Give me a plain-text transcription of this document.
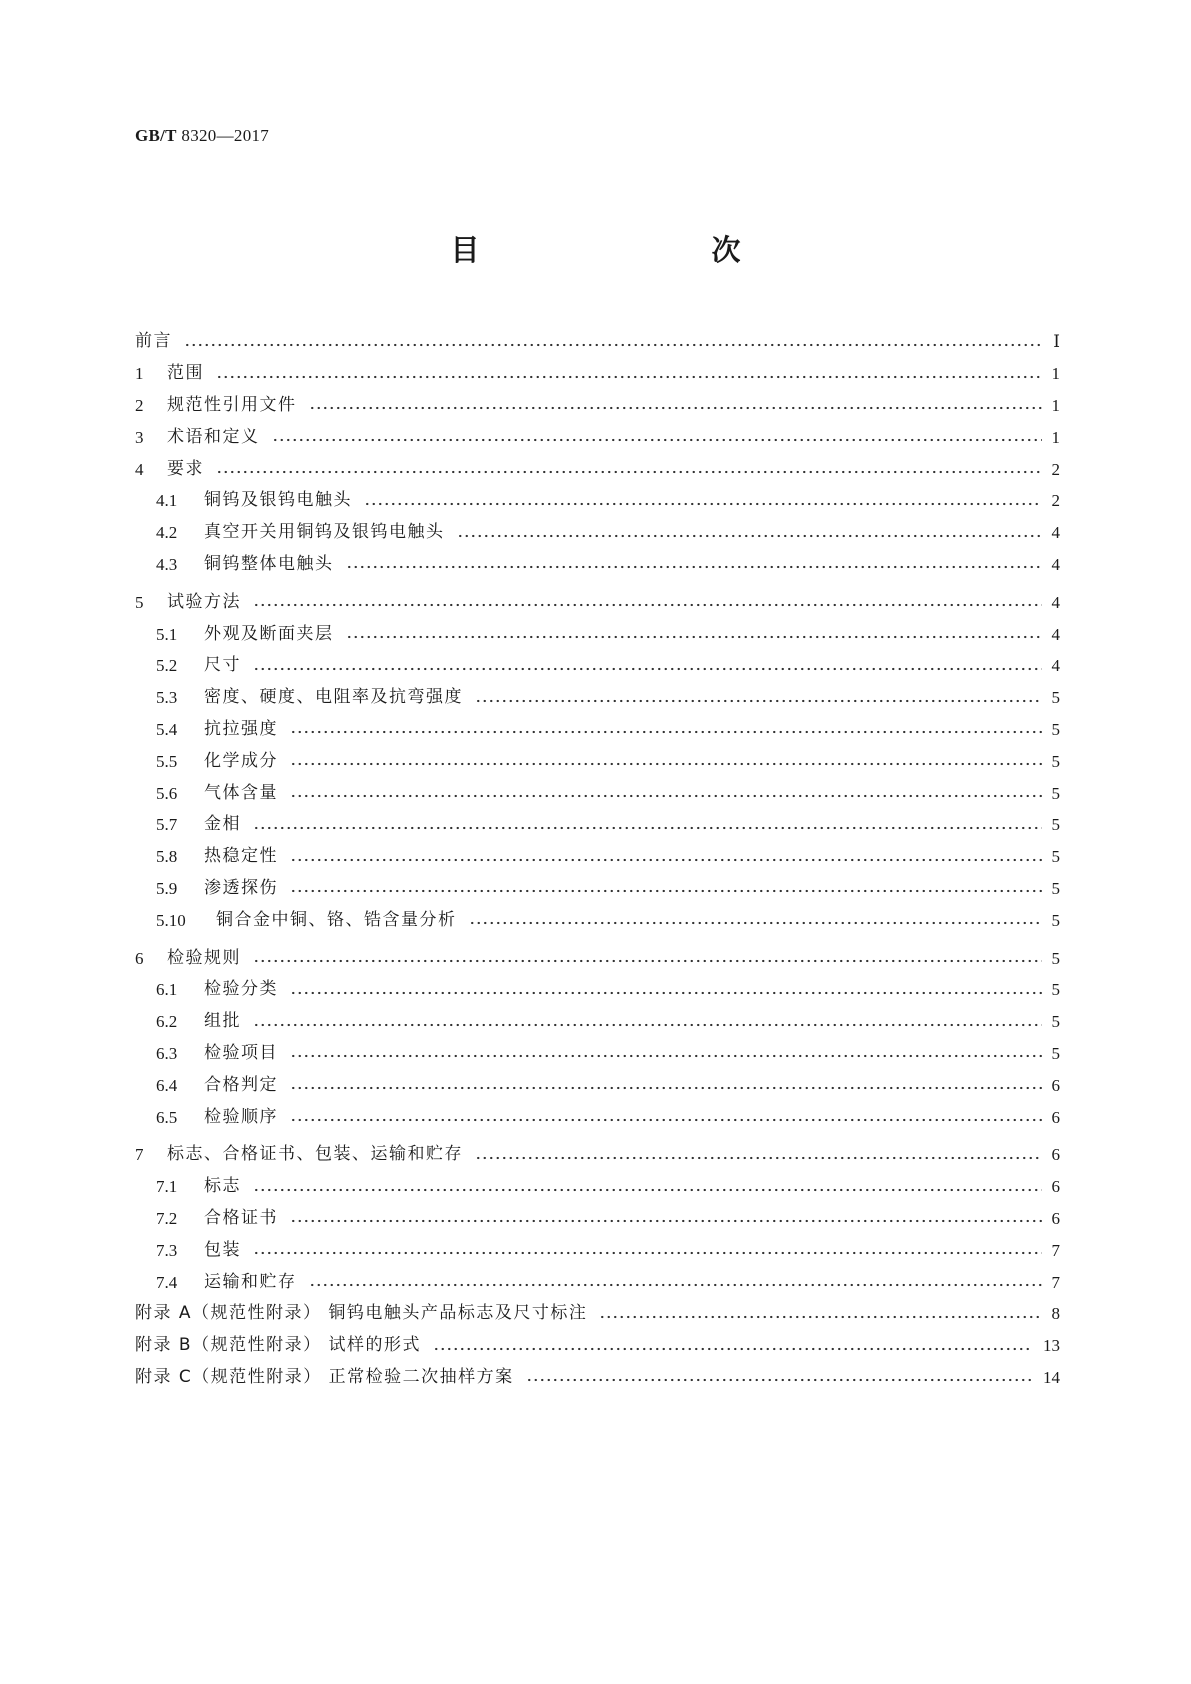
GB/T 8320—2017
目　　次
前言	Ⅰ
1	范围	1
2	规范性引用文件	1
3	术语和定义	1
4	要求	2
4.1	铜钨及银钨电触头	2
4.2	真空开关用铜钨及银钨电触头	4
4.3	铜钨整体电触头	4
5	试验方法	4
5.1	外观及断面夹层	4
5.2	尺寸	4
5.3	密度、硬度、电阻率及抗弯强度	5
5.4	抗拉强度	5
5.5	化学成分	5
5.6	气体含量	5
5.7	金相	5
5.8	热稳定性	5
5.9	渗透探伤	5
5.10	铜合金中铜、铬、锆含量分析	5
6	检验规则	5
6.1	检验分类	5
6.2	组批	5
6.3	检验项目	5
6.4	合格判定	6
6.5	检验顺序	6
7	标志、合格证书、包装、运输和贮存	6
7.1	标志	6
7.2	合格证书	6
7.3	包装	7
7.4	运输和贮存	7
附录 A（规范性附录） 铜钨电触头产品标志及尺寸标注	8
附录 B（规范性附录） 试样的形式	13
附录 C（规范性附录） 正常检验二次抽样方案	14
